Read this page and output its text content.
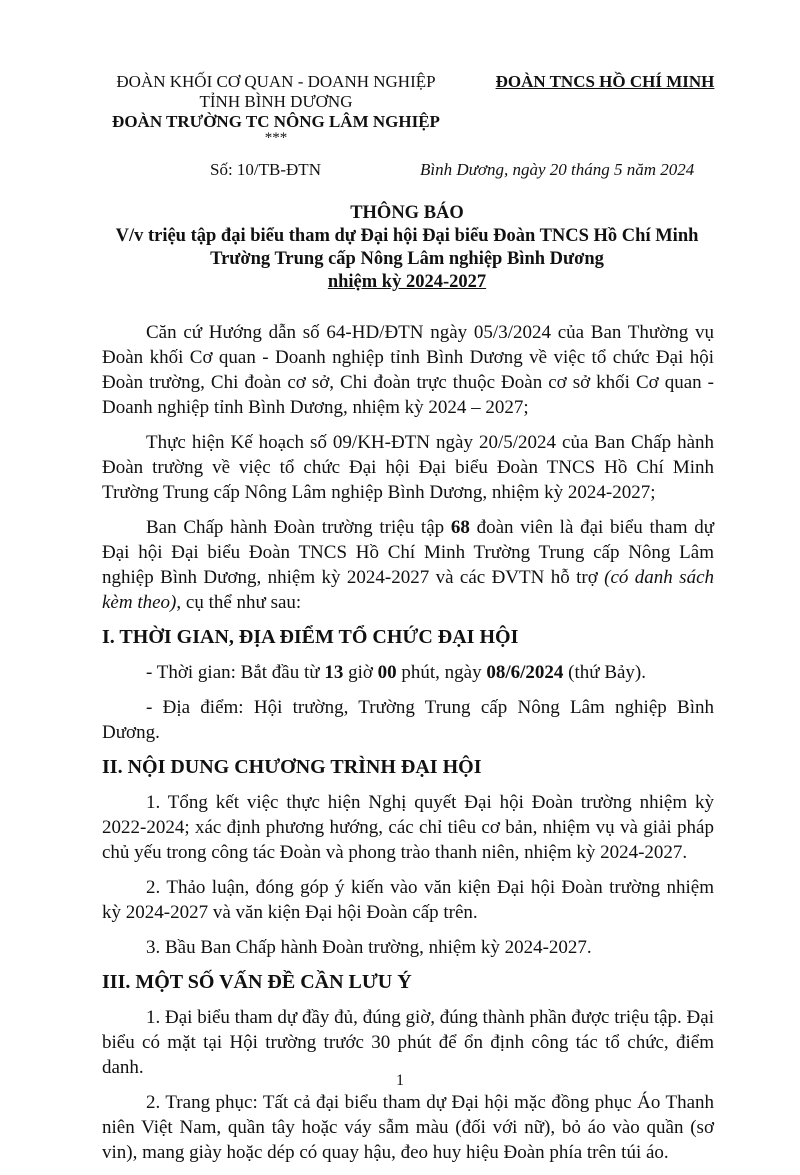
ĐOÀN KHỐI CƠ QUAN - DOANH NGHIỆP
TỈNH BÌNH DƯƠNG
ĐOÀN TRƯỜNG TC NÔNG LÂM NGHIỆP
***
ĐOÀN TNCS HỒ CHÍ MINH
Số: 10/TB-ĐTN	Bình Dương, ngày 20 tháng 5 năm 2024
THÔNG BÁO
V/v triệu tập đại biểu tham dự Đại hội Đại biểu Đoàn TNCS Hồ Chí Minh
Trường Trung cấp Nông Lâm nghiệp Bình Dương
nhiệm kỳ 2024-2027

Căn cứ Hướng dẫn số 64-HD/ĐTN ngày 05/3/2024 của Ban Thường vụ Đoàn khối Cơ quan - Doanh nghiệp tỉnh Bình Dương về việc tổ chức Đại hội Đoàn trường, Chi đoàn cơ sở, Chi đoàn trực thuộc Đoàn cơ sở khối Cơ quan - Doanh nghiệp tỉnh Bình Dương, nhiệm kỳ 2024 – 2027;

Thực hiện Kế hoạch số 09/KH-ĐTN ngày 20/5/2024 của Ban Chấp hành Đoàn trường về việc tổ chức Đại hội Đại biểu Đoàn TNCS Hồ Chí Minh Trường Trung cấp Nông Lâm nghiệp Bình Dương, nhiệm kỳ 2024-2027;

Ban Chấp hành Đoàn trường triệu tập 68 đoàn viên là đại biểu tham dự Đại hội Đại biểu Đoàn TNCS Hồ Chí Minh Trường Trung cấp Nông Lâm nghiệp Bình Dương, nhiệm kỳ 2024-2027 và các ĐVTN hỗ trợ (có danh sách kèm theo), cụ thể như sau:

I. THỜI GIAN, ĐỊA ĐIỂM TỔ CHỨC ĐẠI HỘI

- Thời gian: Bắt đầu từ 13 giờ 00 phút, ngày 08/6/2024 (thứ Bảy).

- Địa điểm: Hội trường, Trường Trung cấp Nông Lâm nghiệp Bình Dương.

II. NỘI DUNG CHƯƠNG TRÌNH ĐẠI HỘI

1. Tổng kết việc thực hiện Nghị quyết Đại hội Đoàn trường nhiệm kỳ 2022-2024; xác định phương hướng, các chỉ tiêu cơ bản, nhiệm vụ và giải pháp chủ yếu trong công tác Đoàn và phong trào thanh niên, nhiệm kỳ 2024-2027.

2. Thảo luận, đóng góp ý kiến vào văn kiện Đại hội Đoàn trường nhiệm kỳ 2024-2027 và văn kiện Đại hội Đoàn cấp trên.

3. Bầu Ban Chấp hành Đoàn trường, nhiệm kỳ 2024-2027.

III. MỘT SỐ VẤN ĐỀ CẦN LƯU Ý

1. Đại biểu tham dự đầy đủ, đúng giờ, đúng thành phần được triệu tập. Đại biểu có mặt tại Hội trường trước 30 phút để ổn định công tác tổ chức, điểm danh.

2. Trang phục: Tất cả đại biểu tham dự Đại hội mặc đồng phục Áo Thanh niên Việt Nam, quần tây hoặc váy sẫm màu (đối với nữ), bỏ áo vào quần (sơ vin), mang giày hoặc dép có quay hậu, đeo huy hiệu Đoàn phía trên túi áo.

1
